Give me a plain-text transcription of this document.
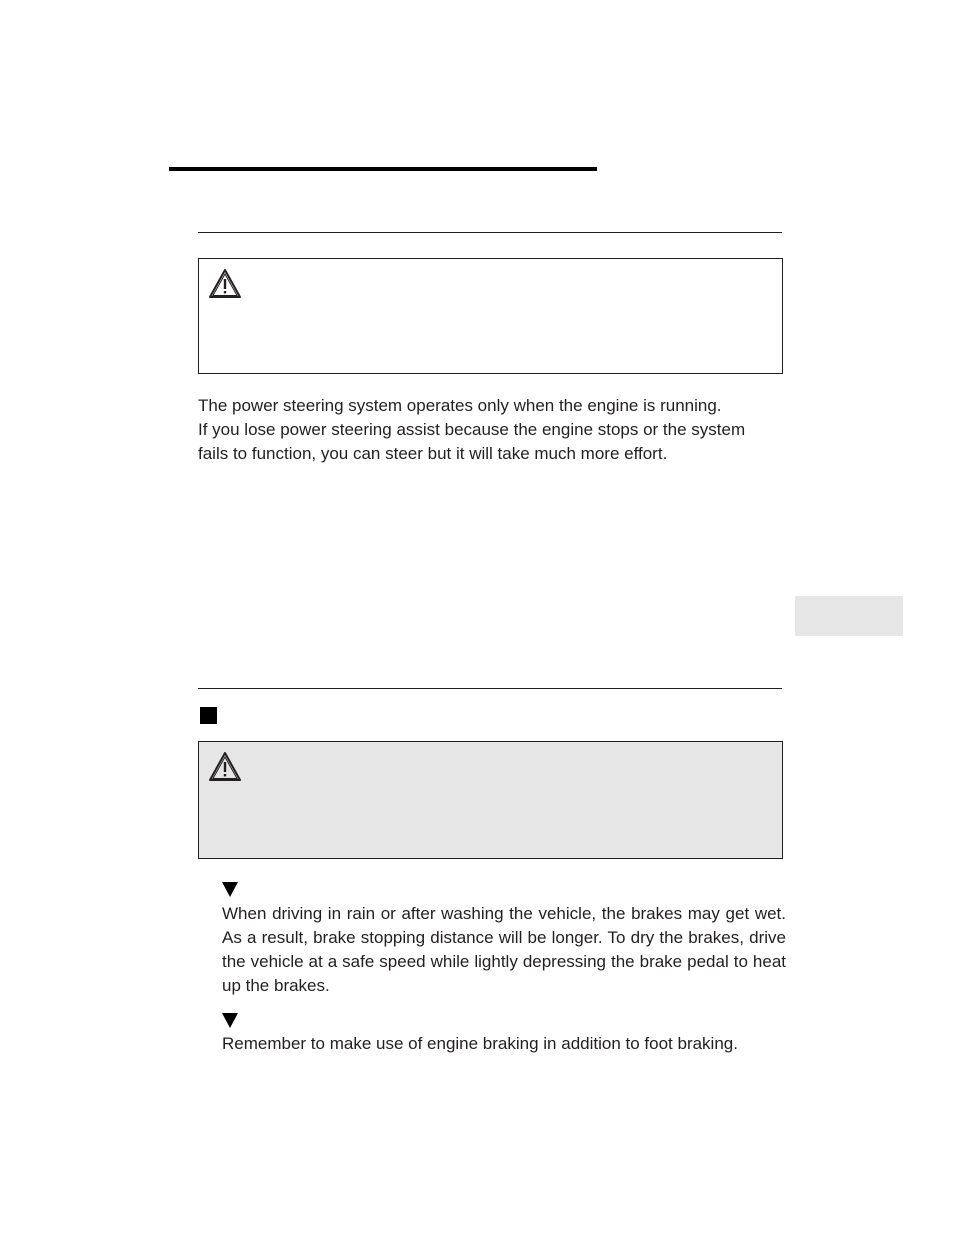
The power steering system operates only when the engine is running.
If you lose power steering assist because the engine stops or the system
fails to function, you can steer but it will take much more effort.

When driving in rain or after washing the vehicle, the brakes may get wet. As a result, brake stopping distance will be longer. To dry the brakes, drive the vehicle at a safe speed while lightly depressing the brake pedal to heat up the brakes.

Remember to make use of engine braking in addition to foot braking.
